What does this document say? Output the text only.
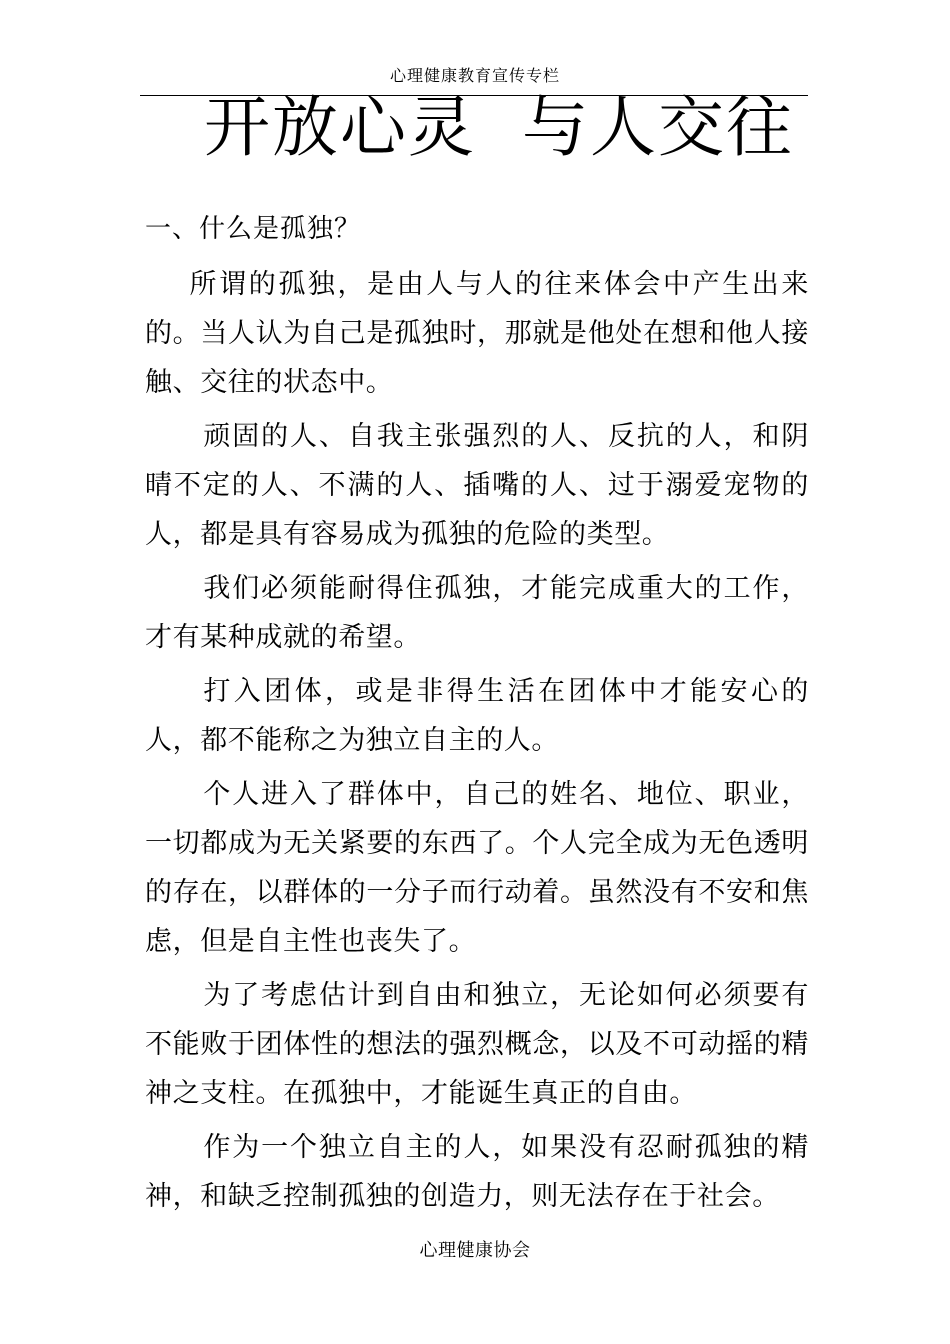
心理健康教育宣传专栏
开放心灵  与人交往
一、什么是孤独？

所谓的孤独，是由人与人的往来体会中产生出来的。当人认为自己是孤独时，那就是他处在想和他人接触、交往的状态中。

顽固的人、自我主张强烈的人、反抗的人，和阴晴不定的人、不满的人、插嘴的人、过于溺爱宠物的人，都是具有容易成为孤独的危险的类型。

我们必须能耐得住孤独，才能完成重大的工作，才有某种成就的希望。

打入团体，或是非得生活在团体中才能安心的人，都不能称之为独立自主的人。

个人进入了群体中，自己的姓名、地位、职业，一切都成为无关紧要的东西了。个人完全成为无色透明的存在，以群体的一分子而行动着。虽然没有不安和焦虑，但是自主性也丧失了。

为了考虑估计到自由和独立，无论如何必须要有不能败于团体性的想法的强烈概念，以及不可动摇的精神之支柱。在孤独中，才能诞生真正的自由。

作为一个独立自主的人，如果没有忍耐孤独的精神，和缺乏控制孤独的创造力，则无法存在于社会。

心理健康协会
